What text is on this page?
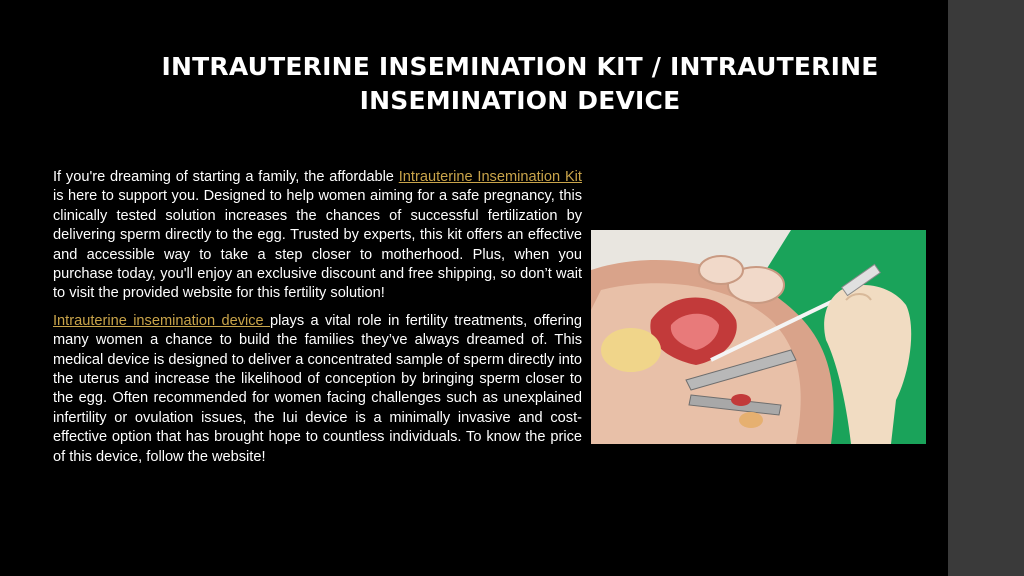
INTRAUTERINE INSEMINATION KIT / INTRAUTERINE INSEMINATION DEVICE

If you're dreaming of starting a family, the affordable Intrauterine Insemination Kit is here to support you. Designed to help women aiming for a safe pregnancy, this clinically tested solution increases the chances of successful fertilization by delivering sperm directly to the egg. Trusted by experts, this kit offers an effective and accessible way to take a step closer to motherhood. Plus, when you purchase today, you'll enjoy an exclusive discount and free shipping, so don’t wait to visit the provided website for this fertility solution!

Intrauterine insemination device plays a vital role in fertility treatments, offering many women a chance to build the families they’ve always dreamed of. This medical device is designed to deliver a concentrated sample of sperm directly into the uterus and increase the likelihood of conception by bringing sperm closer to the egg. Often recommended for women facing challenges such as unexplained infertility or ovulation issues, the Iui device is a minimally invasive and cost-effective option that has brought hope to countless individuals. To know the price of this device, follow the website!
